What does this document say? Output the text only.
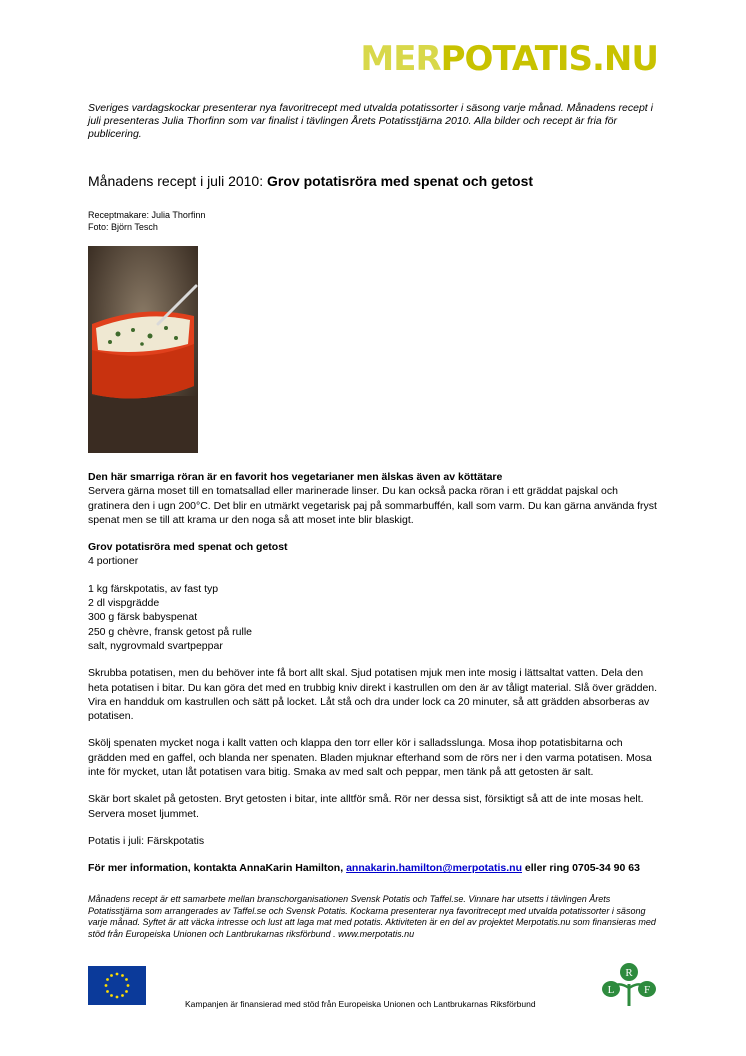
MERPOTATIS.NU
Sveriges vardagskockar presenterar nya favoritrecept med utvalda potatissorter i säsong varje månad. Månadens recept i juli presenteras Julia Thorfinn som var finalist i tävlingen Årets Potatisstjärna 2010. Alla bilder och recept är fria för publicering.
Månadens recept i juli 2010: Grov potatisröra med spenat och getost
Receptmakare: Julia Thorfinn
Foto: Björn Tesch

Den här smarriga röran är en favorit hos vegetarianer men älskas även av köttätare
Servera gärna moset till en tomatsallad eller marinerade linser. Du kan också packa röran i ett gräddat pajskal och gratinera den i ugn 200°C. Det blir en utmärkt vegetarisk paj på sommarbuffén, kall som varm. Du kan gärna använda fryst spenat men se till att krama ur den noga så att moset inte blir blaskigt.

Grov potatisröra med spenat och getost
4 portioner

1 kg färskpotatis, av fast typ
2 dl vispgrädde
300 g färsk babyspenat
250 g chèvre, fransk getost på rulle
salt, nygrovmald svartpeppar

Skrubba potatisen, men du behöver inte få bort allt skal. Sjud potatisen mjuk men inte mosig i lättsaltat vatten. Dela den heta potatisen i bitar. Du kan göra det med en trubbig kniv direkt i kastrullen om den är av tåligt material. Slå över grädden. Vira en handduk om kastrullen och sätt på locket. Låt stå och dra under lock ca 20 minuter, så att grädden absorberas av potatisen.

Skölj spenaten mycket noga i kallt vatten och klappa den torr eller kör i salladsslunga. Mosa ihop potatisbitarna och grädden med en gaffel, och blanda ner spenaten. Bladen mjuknar efterhand som de rörs ner i den varma potatisen. Mosa inte för mycket, utan låt potatisen vara bitig. Smaka av med salt och peppar, men tänk på att getosten är salt.

Skär bort skalet på getosten. Bryt getosten i bitar, inte alltför små. Rör ner dessa sist, försiktigt så att de inte mosas helt. Servera moset ljummet.

Potatis i juli: Färskpotatis

För mer information, kontakta AnnaKarin Hamilton, annakarin.hamilton@merpotatis.nu eller ring 0705-34 90 63

Månadens recept är ett samarbete mellan branschorganisationen Svensk Potatis och Taffel.se. Vinnare har utsetts i tävlingen Årets Potatisstjärna som arrangerades av Taffel.se och Svensk Potatis. Kockarna presenterar nya favoritrecept med utvalda potatissorter i säsong varje månad. Syftet är att väcka intresse och lust att laga mat med potatis. Aktiviteten är en del av projektet Merpotatis.nu som finansieras med stöd från Europeiska Unionen och Lantbrukarnas riksförbund . www.merpotatis.nu
Kampanjen är finansierad med stöd från Europeiska Unionen och Lantbrukarnas Riksförbund
R
L	F
